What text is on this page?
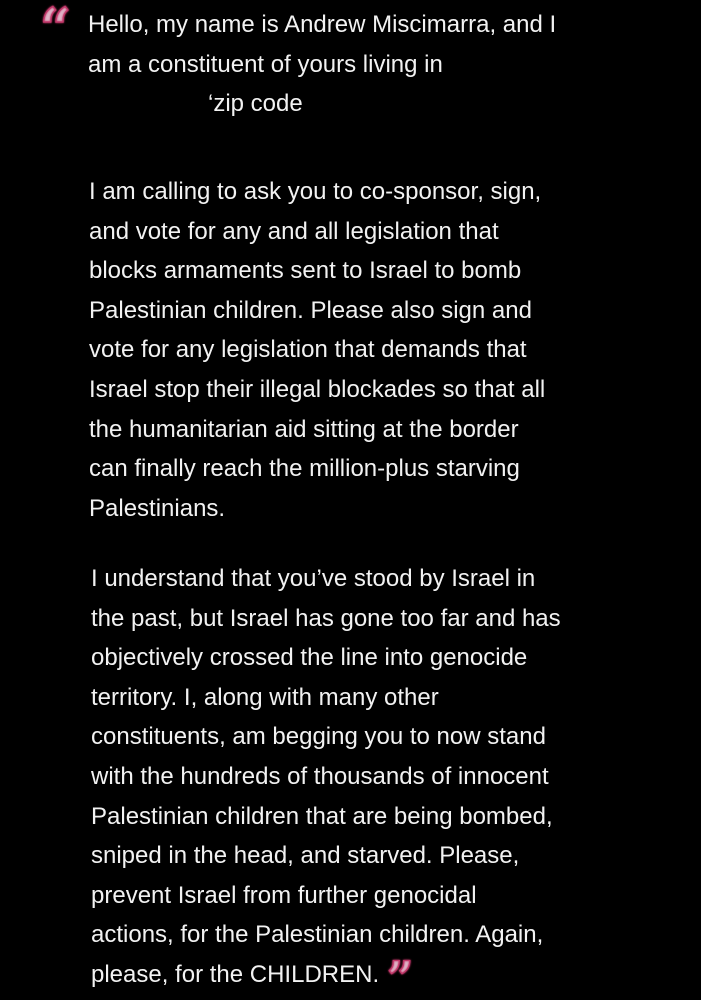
“ Hello, my name is Andrew Miscimarra, and I
am a constituent of yours living in
‘zip code
I am calling to ask you to co-sponsor, sign,
and vote for any and all legislation that
blocks armaments sent to Israel to bomb
Palestinian children. Please also sign and
vote for any legislation that demands that
Israel stop their illegal blockades so that all
the humanitarian aid sitting at the border
can finally reach the million-plus starving
Palestinians.
I understand that you’ve stood by Israel in
the past, but Israel has gone too far and has
objectively crossed the line into genocide
territory. I, along with many other
constituents, am begging you to now stand
with the hundreds of thousands of innocent
Palestinian children that are being bombed,
sniped in the head, and starved. Please,
prevent Israel from further genocidal
actions, for the Palestinian children. Again,
please, for the CHILDREN. ”
